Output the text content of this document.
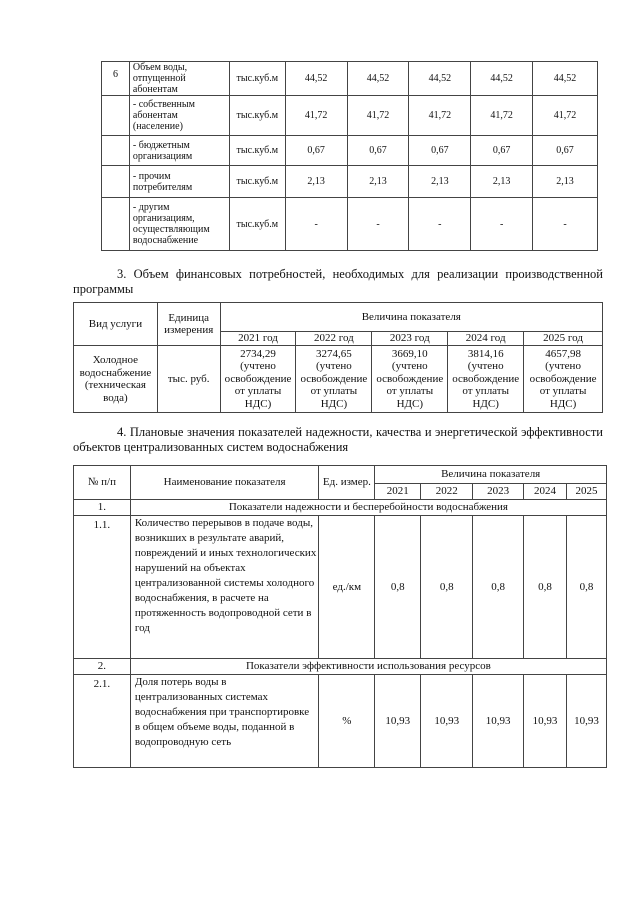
6	Объем воды, отпущенной абонентам	тыс.куб.м	44,52	44,52	44,52	44,52	44,52
	- собственным абонентам (население)	тыс.куб.м	41,72	41,72	41,72	41,72	41,72
	- бюджетным организациям	тыс.куб.м	0,67	0,67	0,67	0,67	0,67
	- прочим потребителям	тыс.куб.м	2,13	2,13	2,13	2,13	2,13
	- другим организациям, осуществляющим водоснабжение	тыс.куб.м	-	-	-	-	-

3. Объем финансовых потребностей, необходимых для реализации производственной программы

Вид услуги	Единица измерения	Величина показателя				
		2021 год	2022 год	2023 год	2024 год	2025 год
Холодное водоснабжение (техническая вода)	тыс. руб.	2734,29 (учтено освобождение от уплаты НДС)	3274,65 (учтено освобождение от уплаты НДС)	3669,10 (учтено освобождение от уплаты НДС)	3814,16 (учтено освобождение от уплаты НДС)	4657,98 (учтено освобождение от уплаты НДС)

4. Плановые значения показателей надежности, качества и энергетической эффективности объектов централизованных систем водоснабжения

№ п/п	Наименование показателя	Ед. измер.	Величина показателя				
			2021	2022	2023	2024	2025
1.	Показатели надежности и бесперебойности водоснабжения						
1.1.	Количество перерывов в подаче воды, возникших в результате аварий, повреждений и иных технологических нарушений на объектах централизованной системы холодного водоснабжения, в расчете на протяженность водопроводной сети в год	ед./км	0,8	0,8	0,8	0,8	0,8
2.	Показатели эффективности использования ресурсов						
2.1.	Доля потерь воды в централизованных системах водоснабжения при транспортировке в общем объеме воды, поданной в водопроводную сеть	%	10,93	10,93	10,93	10,93	10,93
